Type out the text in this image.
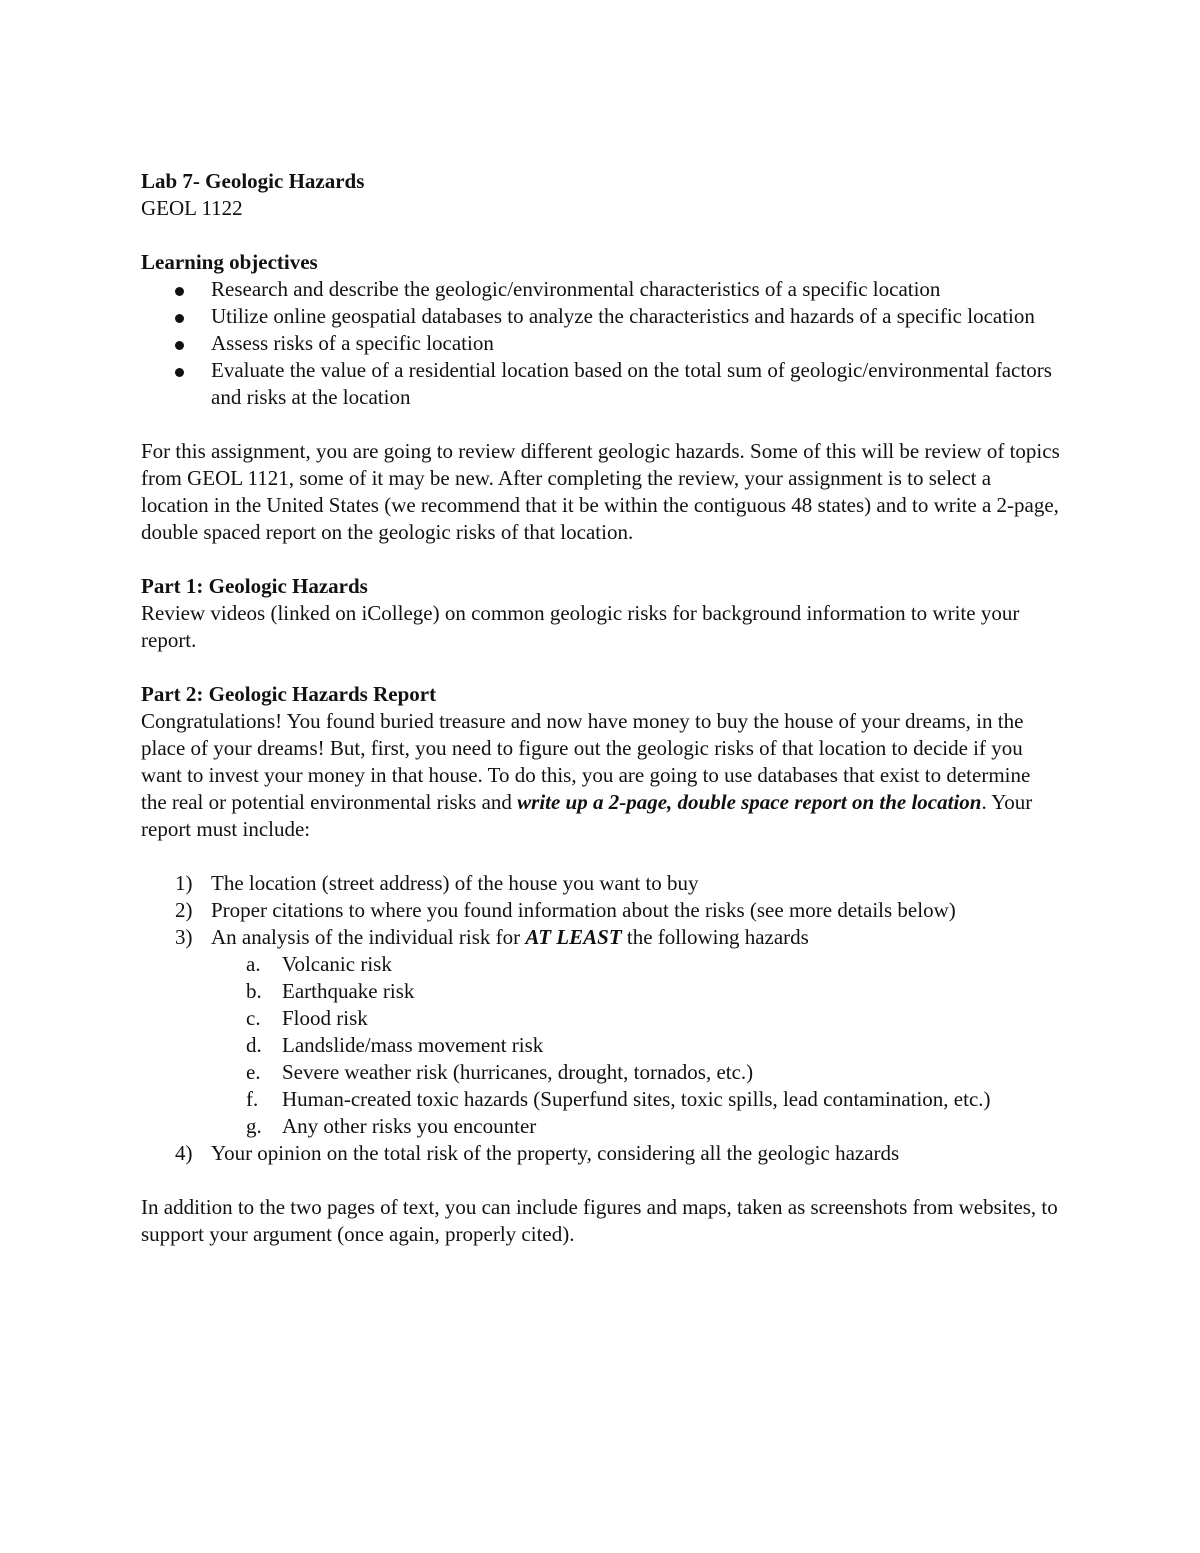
Lab 7- Geologic Hazards

GEOL 1122

Learning objectives

Research and describe the geologic/environmental characteristics of a specific location
Utilize online geospatial databases to analyze the characteristics and hazards of a specific location
Assess risks of a specific location
Evaluate the value of a residential location based on the total sum of geologic/environmental factors and risks at the location

For this assignment, you are going to review different geologic hazards. Some of this will be review of topics from GEOL 1121, some of it may be new. After completing the review, your assignment is to select a location in the United States (we recommend that it be within the contiguous 48 states) and to write a 2-page, double spaced report on the geologic risks of that location.

Part 1: Geologic Hazards

Review videos (linked on iCollege) on common geologic risks for background information to write your report.

Part 2: Geologic Hazards Report

Congratulations! You found buried treasure and now have money to buy the house of your dreams, in the place of your dreams! But, first, you need to figure out the geologic risks of that location to decide if you want to invest your money in that house. To do this, you are going to use databases that exist to determine the real or potential environmental risks and write up a 2-page, double space report on the location. Your report must include:

1) The location (street address) of the house you want to buy
2) Proper citations to where you found information about the risks (see more details below)
3) An analysis of the individual risk for AT LEAST the following hazards
a. Volcanic risk
b. Earthquake risk
c. Flood risk
d. Landslide/mass movement risk
e. Severe weather risk (hurricanes, drought, tornados, etc.)
f. Human-created toxic hazards (Superfund sites, toxic spills, lead contamination, etc.)
g. Any other risks you encounter
4) Your opinion on the total risk of the property, considering all the geologic hazards

In addition to the two pages of text, you can include figures and maps, taken as screenshots from websites, to support your argument (once again, properly cited).
